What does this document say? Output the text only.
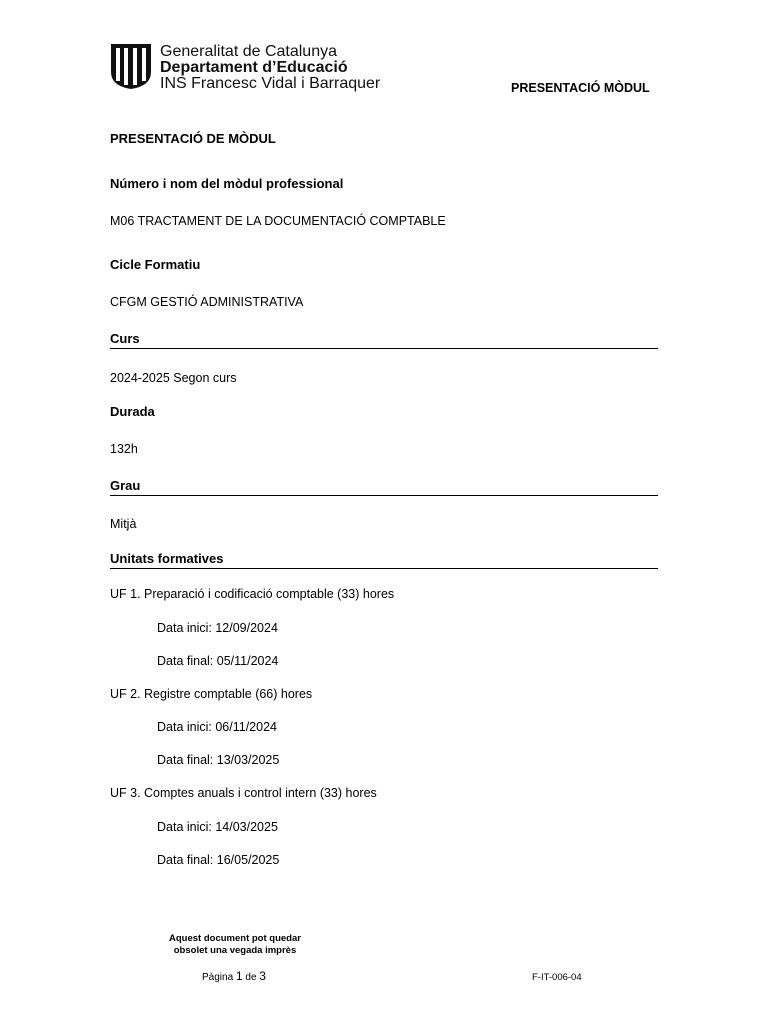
Generalitat de Catalunya
Departament d’Educació
INS Francesc Vidal i Barraquer	PRESENTACIÓ MÒDUL
PRESENTACIÓ DE MÒDUL
Número i nom del mòdul professional
M06 TRACTAMENT DE LA DOCUMENTACIÓ COMPTABLE
Cicle Formatiu
CFGM GESTIÓ ADMINISTRATIVA
Curs
2024-2025 Segon curs
Durada
132h
Grau
Mitjà
Unitats formatives
UF 1. Preparació i codificació comptable (33) hores
Data inici: 12/09/2024
Data final: 05/11/2024
UF 2. Registre comptable (66) hores
Data inici: 06/11/2024
Data final: 13/03/2025
UF 3. Comptes anuals i control intern (33) hores
Data inici: 14/03/2025
Data final: 16/05/2025
Aquest document pot quedar
obsolet una vegada imprès
Pàgina 1 de 3	F-IT-006-04
